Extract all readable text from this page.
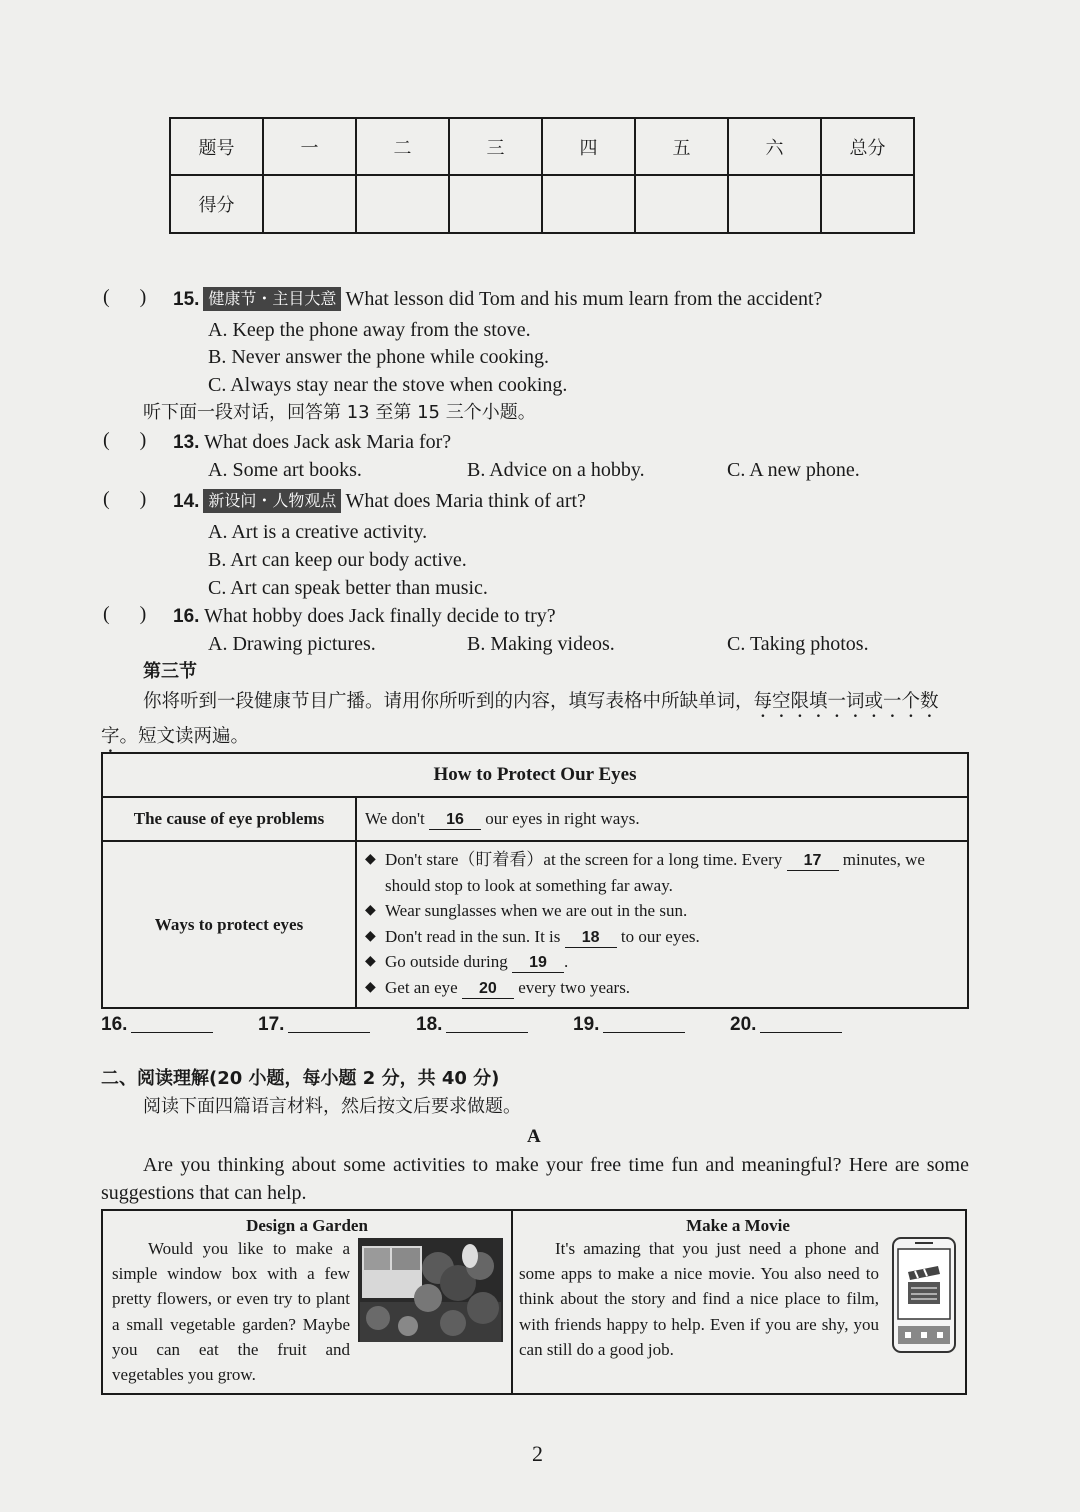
题号	一	二	三	四	五	六	总分
得分							
(      ) 15. 健康节・主目大意 What lesson did Tom and his mum learn from the accident?
A. Keep the phone away from the stove.
B. Never answer the phone while cooking.
C. Always stay near the stove when cooking.
听下面一段对话，回答第 13 至第 15 三个小题。
(      ) 13. What does Jack ask Maria for?
A. Some art books.	B. Advice on a hobby.	C. A new phone.
(      ) 14. 新设问・人物观点 What does Maria think of art?
A. Art is a creative activity.
B. Art can keep our body active.
C. Art can speak better than music.
(      ) 16. What hobby does Jack finally decide to try?
A. Drawing pictures.	B. Making videos.	C. Taking photos.
第三节
你将听到一段健康节目广播。请用你所听到的内容，填写表格中所缺单词，每空限填一词或一个数字。短文读两遍。
How to Protect Our Eyes	
The cause of eye problems	We don't 16 our eyes in right ways.
Ways to protect eyes	◆ Don't stare（盯着看）at the screen for a long time. Every 17 minutes, we should stop to look at something far away.
◆ Wear sunglasses when we are out in the sun.
◆ Don't read in the sun. It is 18 to our eyes.
◆ Go outside during 19 .
◆ Get an eye 20 every two years.
16.	17.	18.	19.	20.
二、阅读理解(20 小题，每小题 2 分，共 40 分)
阅读下面四篇语言材料，然后按文后要求做题。
A
Are you thinking about some activities to make your free time fun and meaningful? Here are some suggestions that can help.
Design a Garden
Would you like to make a simple window box with a few pretty flowers, or even try to plant a small vegetable garden? Maybe you can eat the fruit and vegetables you grow.
Make a Movie
It's amazing that you just need a phone and some apps to make a nice movie. You also need to think about the story and find a nice place to film, with friends happy to help. Even if you are shy, you can still do a good job.
2
